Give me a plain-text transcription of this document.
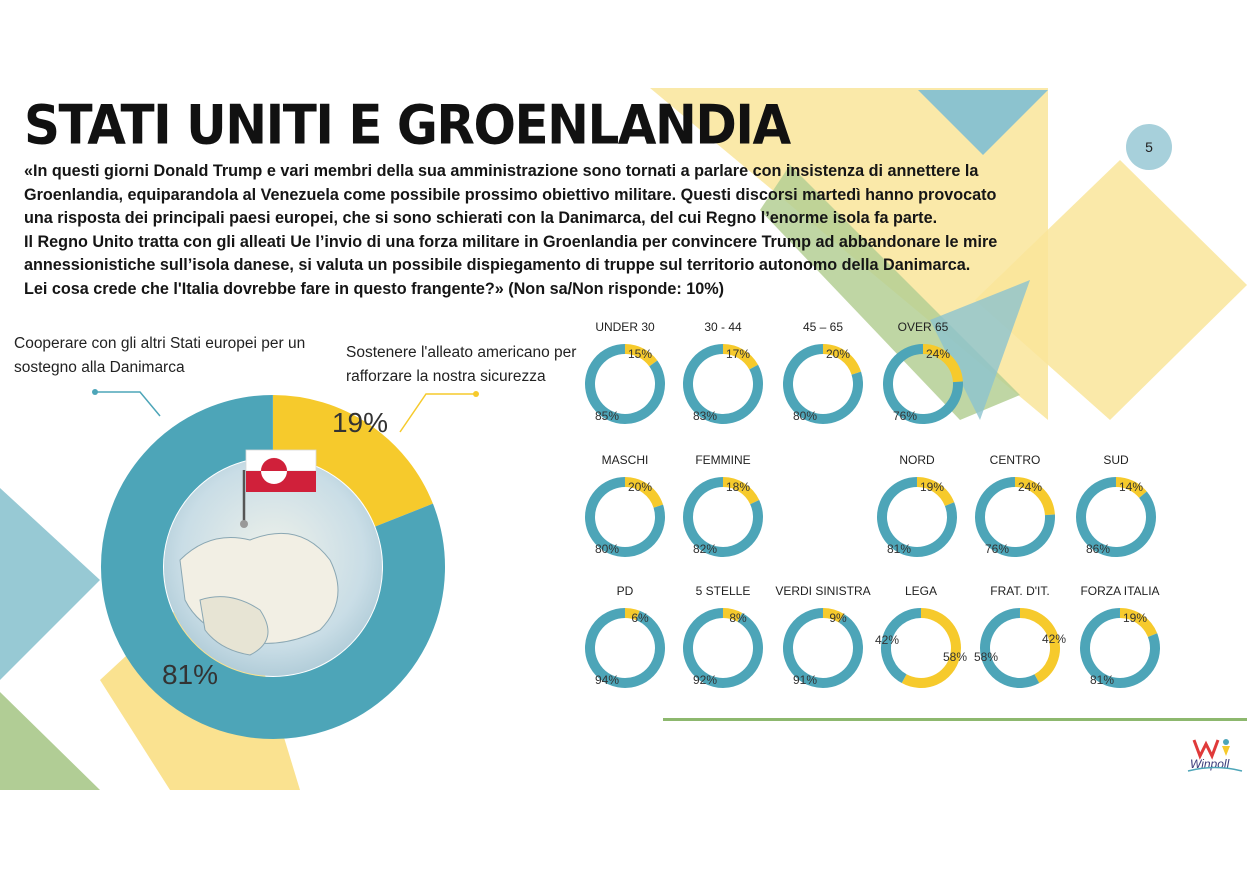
STATI UNITI E GROENLANDIA	5

«In questi giorni Donald Trump e vari membri della sua amministrazione sono tornati a parlare con insistenza di annettere la
Groenlandia, equiparandola al Venezuela come possibile prossimo obiettivo militare. Questi discorsi martedì hanno provocato
una risposta dei principali paesi europei, che si sono schierati con la Danimarca, del cui Regno l’enorme isola fa parte.
Il Regno Unito tratta con gli alleati Ue l’invio di una forza militare in Groenlandia per convincere Trump ad abbandonare le mire
annessionistiche sull’isola danese, si valuta un possibile dispiegamento di truppe sul territorio autonomo della Danimarca.
Lei cosa crede che l'Italia dovrebbe fare in questo frangente?» (Non sa/Non risponde: 10%)

Cooperare con gli altri Stati europei per un sostegno alla Danimarca
Sostenere l'alleato americano per rafforzare la nostra sicurezza
19%
81%
UNDER 30
15%
85%
30 - 44
17%
83%
45 – 65
20%
80%
OVER 65
24%
76%
MASCHI
20%
80%
FEMMINE
18%
82%
NORD
19%
81%
CENTRO
24%
76%
SUD
14%
86%
PD
6%
94%
5 STELLE
8%
92%
VERDI SINISTRA
9%
91%
LEGA
58%
42%
FRAT. D'IT.
42%
58%
FORZA ITALIA
19%
81%
Winpoll
